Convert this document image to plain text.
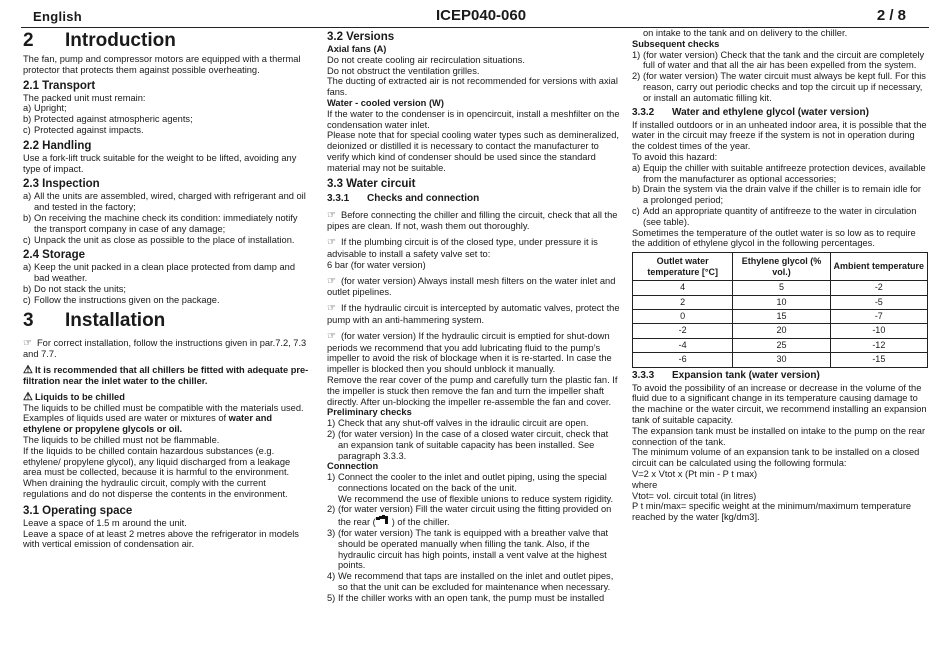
English	ICEP040-060	2 / 8
2	Introduction

The fan, pump and compressor motors are equipped with a thermal protector that protects them against possible overheating.

2.1 Transport

The packed unit must remain:

a) Upright;
b) Protected against atmospheric agents;
c) Protected against impacts.
2.2 Handling

Use a fork-lift truck suitable for the weight to be lifted, avoiding any type of impact.

2.3 Inspection
a) All the units are assembled, wired, charged with refrigerant and oil and tested in the factory;
b) On receiving the machine check its condition: immediately notify the transport company in case of any damage;
c) Unpack the unit as close as possible to the place of installation.
2.4 Storage
a) Keep the unit packed in a clean place protected from damp and bad weather.
b) Do not stack the units;
c) Follow the instructions given on the package.
3	Installation

☞ For correct installation, follow the instructions given in par.7.2, 7.3 and 7.7.

⚠ It is recommended that all chillers be fitted with adequate pre-filtration near the inlet water to the chiller.

⚠ Liquids to be chilled

The liquids to be chilled must be compatible with the materials used. Examples of liquids used are water or mixtures of water and ethylene or propylene glycols or oil.

The liquids to be chilled must not be flammable.

If the liquids to be chilled contain hazardous substances (e.g. ethylene/ propylene glycol), any liquid discharged from a leakage area must be collected, because it is harmful to the environment. When draining the hydraulic circuit, comply with the current regulations and do not disperse the contents in the environment.

3.1 Operating space

Leave a space of 1.5 m around the unit.

Leave a space of at least 2 metres above the refrigerator in models with vertical emission of condensation air.

3.2 Versions
Axial fans (A)

Do not create cooling air recirculation situations.

Do not obstruct the ventilation grilles.

The ducting of extracted air is not recommended for versions with axial fans.

Water - cooled version (W)

If the water to the condenser is in opencircuit, install a meshfilter on the condensation water inlet.

Please note that for special cooling water types such as demineralized, deionized or distilled it is necessary to contact the manufacturer to verify which kind of condenser should be used since the standard material may not be suitable.

3.3 Water circuit
3.3.1	Checks and connection

☞ Before connecting the chiller and filling the circuit, check that all the pipes are clean. If not, wash them out thoroughly.

☞ If the plumbing circuit is of the closed type, under pressure it is advisable to install a safety valve set to:

6 bar (for water version)

☞ (for water version) Always install mesh filters on the water inlet and outlet pipelines.

☞ If the hydraulic circuit is intercepted by automatic valves, protect the pump with an anti-hammering system.

☞ (for water version) If the hydraulic circuit is emptied for shut-down periods we recommend that you add lubricating fluid to the pump’s impeller to avoid the risk of blockage when it is re-started. In case the impeller is blocked then you should unblock it manually.

Remove the rear cover of the pump and carefully turn the plastic fan. If the impeller is stuck then remove the fan and turn the impeller shaft directly. After un-blocking the impeller re-assemble the fan and cover.

Preliminary checks
1) Check that any shut-off valves in the idraulic circuit are open.
2) (for water version) In the case of a closed water circuit, check that an expansion tank of suitable capacity has been installed. See paragraph 3.3.3.
Connection
1) Connect the cooler to the inlet and outlet piping, using the special connections located on the back of the unit.
We recommend the use of flexible unions to reduce system rigidity.
2) (for water version) Fill the water circuit using the fitting provided on the rear ( ) of the chiller.
3) (for water version) The tank is equipped with a breather valve that should be operated manually when filling the tank. Also, if the hydraulic circuit has high points, install a vent valve at the highest points.
4) We recommend that taps are installed on the inlet and outlet pipes, so that the unit can be excluded for maintenance when necessary.
5) If the chiller works with an open tank, the pump must be installed

on intake to the tank and on delivery to the chiller.

Subsequent checks
1) (for water version) Check that the tank and the circuit are completely full of water and that all the air has been expelled from the system.
2) (for water version) The water circuit must always be kept full. For this reason, carry out periodic checks and top the circuit up if necessary, or install an automatic filling kit.
3.3.2	Water and ethylene glycol (water version)

If installed outdoors or in an unheated indoor area, it is possible that the water in the circuit may freeze if the system is not in operation during the coldest times of the year.

To avoid this hazard:

a) Equip the chiller with suitable antifreeze protection devices, available from the manufacturer as optional accessories;
b) Drain the system via the drain valve if the chiller is to remain idle for a prolonged period;
c) Add an appropriate quantity of antifreeze to the water in circulation (see table).

Sometimes the temperature of the outlet water is so low as to require the addition of ethylene glycol in the following percentages.

Outlet water temperature [°C]	Ethylene glycol (% vol.)	Ambient temperature
4	5	-2
2	10	-5
0	15	-7
-2	20	-10
-4	25	-12
-6	30	-15
3.3.3	Expansion tank (water version)

To avoid the possibility of an increase or decrease in the volume of the fluid due to a significant change in its temperature causing damage to the machine or the water circuit, we recommend installing an expansion tank of suitable capacity.

The expansion tank must be installed on intake to the pump on the rear connection of the tank.

The minimum volume of an expansion tank to be installed on a closed circuit can be calculated using the following formula:

V=2 x Vtot x (Pt min - P t max)

where

Vtot= vol. circuit total (in litres)

P t min/max= specific weight at the minimum/maximum temperature reached by the water [kg/dm3].
